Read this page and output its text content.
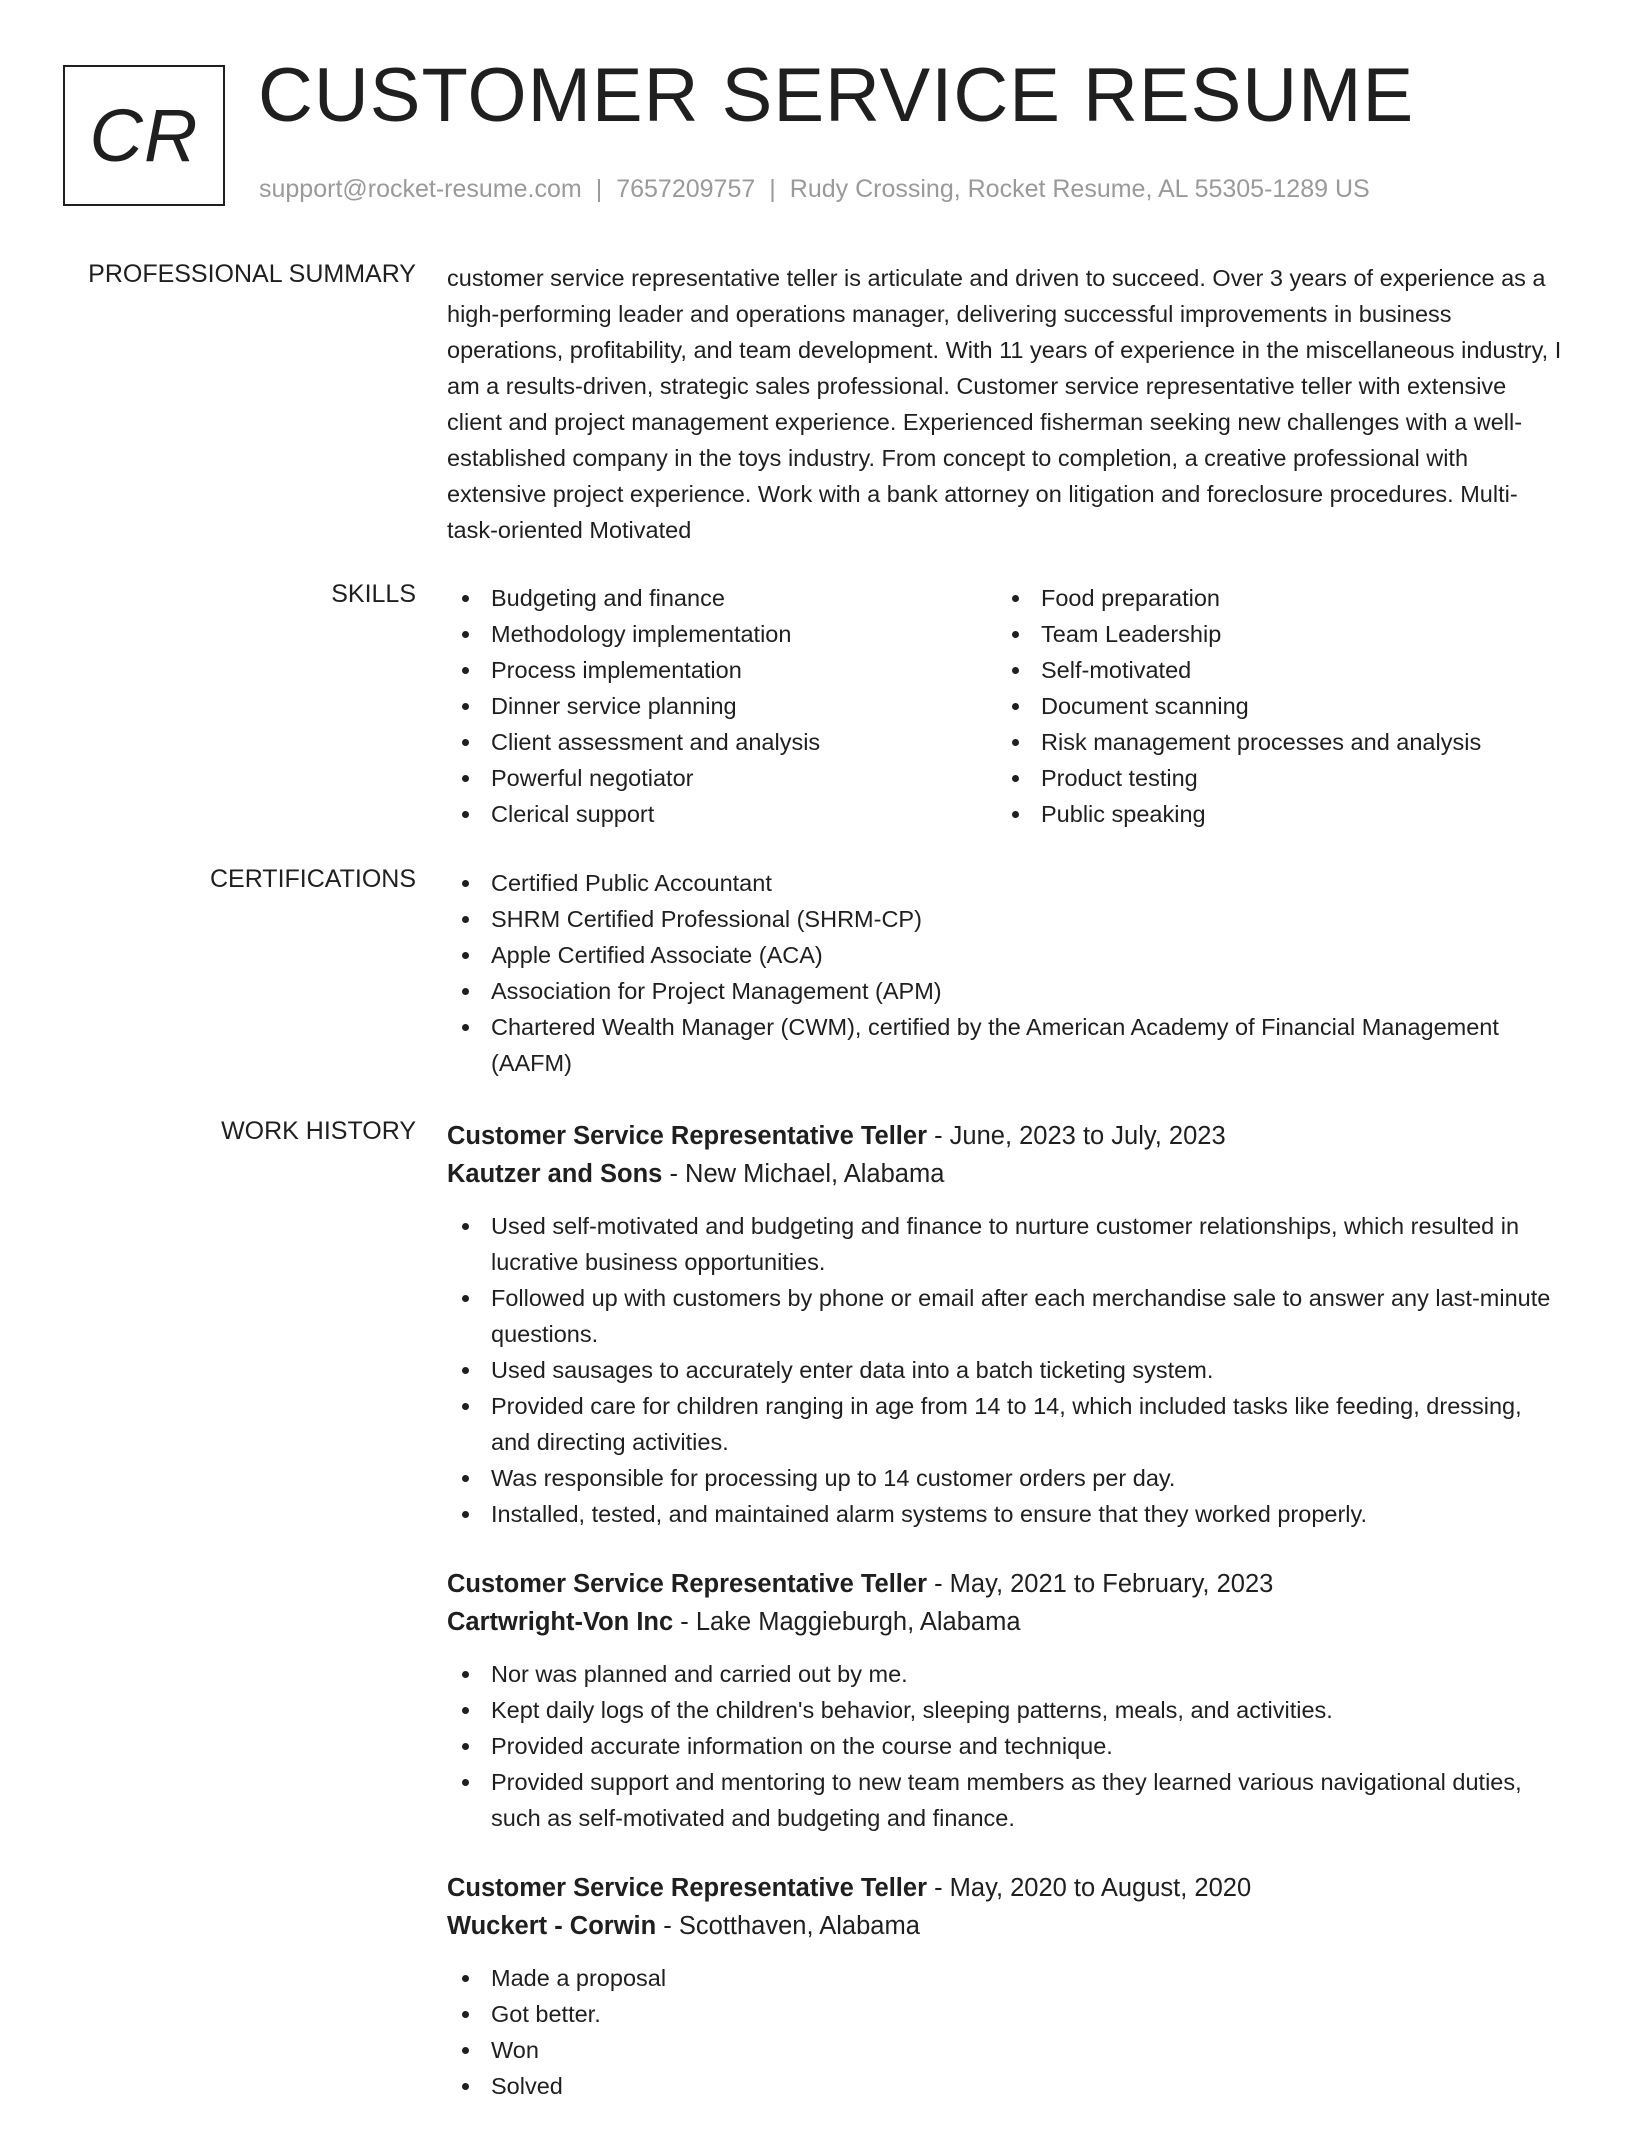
CR CUSTOMER SERVICE RESUME
support@rocket-resume.com | 7657209757 | Rudy Crossing, Rocket Resume, AL 55305-1289 US
PROFESSIONAL SUMMARY customer service representative teller is articulate and driven to succeed. Over 3 years of experience as a high-performing leader and operations manager, delivering successful improvements in business operations, profitability, and team development. With 11 years of experience in the miscellaneous industry, I am a results-driven, strategic sales professional. Customer service representative teller with extensive client and project management experience. Experienced fisherman seeking new challenges with a well-established company in the toys industry. From concept to completion, a creative professional with extensive project experience. Work with a bank attorney on litigation and foreclosure procedures. Multi-task-oriented Motivated
SKILLS	Budgeting and finance
Methodology implementation
Process implementation
Dinner service planning
Client assessment and analysis
Powerful negotiator
Clerical support
Food preparation
Team Leadership
Self-motivated
Document scanning
Risk management processes and analysis
Product testing
Public speaking
CERTIFICATIONS	Certified Public Accountant
SHRM Certified Professional (SHRM-CP)
Apple Certified Associate (ACA)
Association for Project Management (APM)
Chartered Wealth Manager (CWM), certified by the American Academy of Financial Management (AAFM)
WORK HISTORY Customer Service Representative Teller - June, 2023 to July, 2023
Kautzer and Sons - New Michael, Alabama
Used self-motivated and budgeting and finance to nurture customer relationships, which resulted in lucrative business opportunities.
Followed up with customers by phone or email after each merchandise sale to answer any last-minute questions.
Used sausages to accurately enter data into a batch ticketing system.
Provided care for children ranging in age from 14 to 14, which included tasks like feeding, dressing, and directing activities.
Was responsible for processing up to 14 customer orders per day.
Installed, tested, and maintained alarm systems to ensure that they worked properly.
Customer Service Representative Teller - May, 2021 to February, 2023
Cartwright-Von Inc - Lake Maggieburgh, Alabama
Nor was planned and carried out by me.
Kept daily logs of the children's behavior, sleeping patterns, meals, and activities.
Provided accurate information on the course and technique.
Provided support and mentoring to new team members as they learned various navigational duties, such as self-motivated and budgeting and finance.
Customer Service Representative Teller - May, 2020 to August, 2020
Wuckert - Corwin - Scotthaven, Alabama
Made a proposal
Got better.
Won
Solved
